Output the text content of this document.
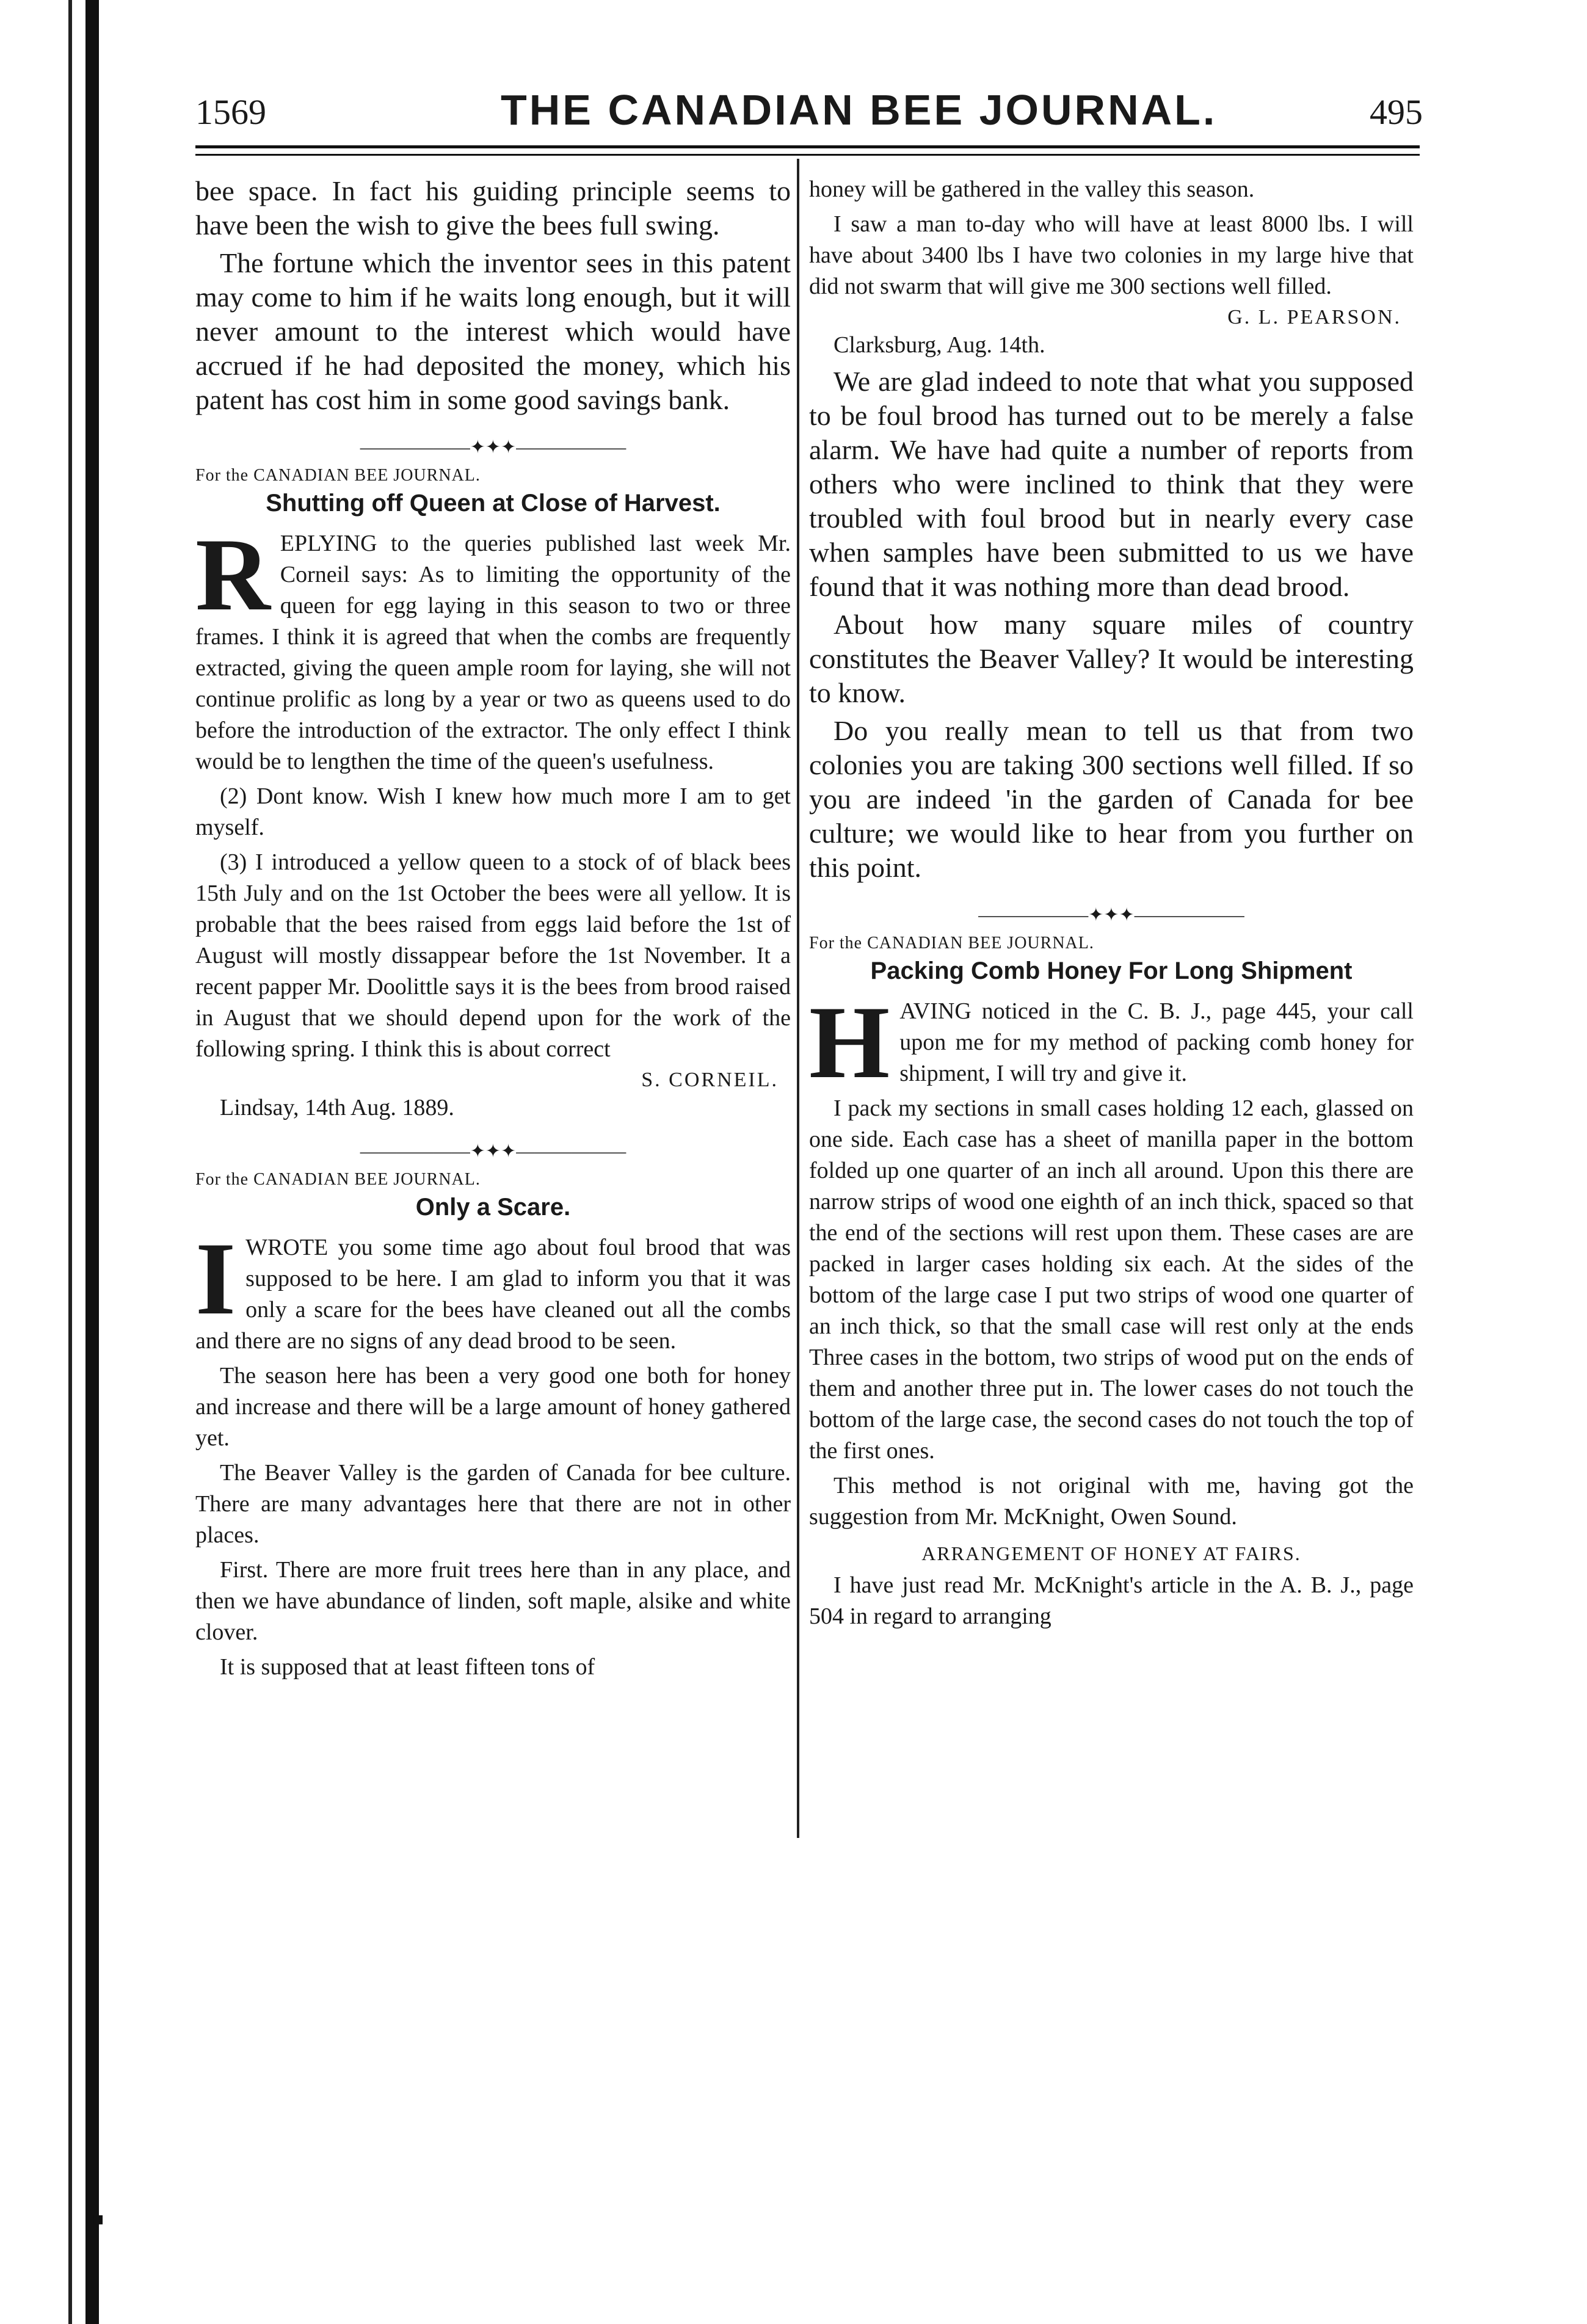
▪
1569	THE CANADIAN BEE JOURNAL.	495

bee space. In fact his guiding principle seems to have been the wish to give the bees full swing.

The fortune which the inventor sees in this patent may come to him if he waits long enough, but it will never amount to the interest which would have accrued if he had deposited the money, which his patent has cost him in some good savings bank.

——————✦✦✦——————
For the CANADIAN BEE JOURNAL.
Shutting off Queen at Close of Harvest.

REPLYING to the queries published last week Mr. Corneil says: As to limiting the opportunity of the queen for egg laying in this season to two or three frames. I think it is agreed that when the combs are frequently extracted, giving the queen ample room for laying, she will not continue prolific as long by a year or two as queens used to do before the introduction of the extractor. The only effect I think would be to lengthen the time of the queen's usefulness.

(2) Dont know. Wish I knew how much more I am to get myself.

(3) I introduced a yellow queen to a stock of of black bees 15th July and on the 1st October the bees were all yellow. It is probable that the bees raised from eggs laid before the 1st of August will mostly dissappear before the 1st November. It a recent papper Mr. Doolittle says it is the bees from brood raised in August that we should depend upon for the work of the following spring. I think this is about correct

S. CORNEIL.
Lindsay, 14th Aug. 1889.
——————✦✦✦——————
For the CANADIAN BEE JOURNAL.
Only a Scare.

IWROTE you some time ago about foul brood that was supposed to be here. I am glad to inform you that it was only a scare for the bees have cleaned out all the combs and there are no signs of any dead brood to be seen.

The season here has been a very good one both for honey and increase and there will be a large amount of honey gathered yet.

The Beaver Valley is the garden of Canada for bee culture. There are many advantages here that there are not in other places.

First. There are more fruit trees here than in any place, and then we have abundance of linden, soft maple, alsike and white clover.

It is supposed that at least fifteen tons of

honey will be gathered in the valley this season.

I saw a man to-day who will have at least 8000 lbs. I will have about 3400 lbs I have two colonies in my large hive that did not swarm that will give me 300 sections well filled.

G. L. PEARSON.
Clarksburg, Aug. 14th.

We are glad indeed to note that what you supposed to be foul brood has turned out to be merely a false alarm. We have had quite a number of reports from others who were inclined to think that they were troubled with foul brood but in nearly every case when samples have been submitted to us we have found that it was nothing more than dead brood.

About how many square miles of country constitutes the Beaver Valley? It would be interesting to know.

Do you really mean to tell us that from two colonies you are taking 300 sections well filled. If so you are indeed 'in the garden of Canada for bee culture; we would like to hear from you further on this point.

——————✦✦✦——————
For the CANADIAN BEE JOURNAL.
Packing Comb Honey For Long Shipment

HAVING noticed in the C. B. J., page 445, your call upon me for my method of packing comb honey for shipment, I will try and give it.

I pack my sections in small cases holding 12 each, glassed on one side. Each case has a sheet of manilla paper in the bottom folded up one quarter of an inch all around. Upon this there are narrow strips of wood one eighth of an inch thick, spaced so that the end of the sections will rest upon them. These cases are are packed in larger cases holding six each. At the sides of the bottom of the large case I put two strips of wood one quarter of an inch thick, so that the small case will rest only at the ends Three cases in the bottom, two strips of wood put on the ends of them and another three put in. The lower cases do not touch the bottom of the large case, the second cases do not touch the top of the first ones.

This method is not original with me, having got the suggestion from Mr. McKnight, Owen Sound.

ARRANGEMENT OF HONEY AT FAIRS.

I have just read Mr. McKnight's article in the A. B. J., page 504 in regard to arranging
